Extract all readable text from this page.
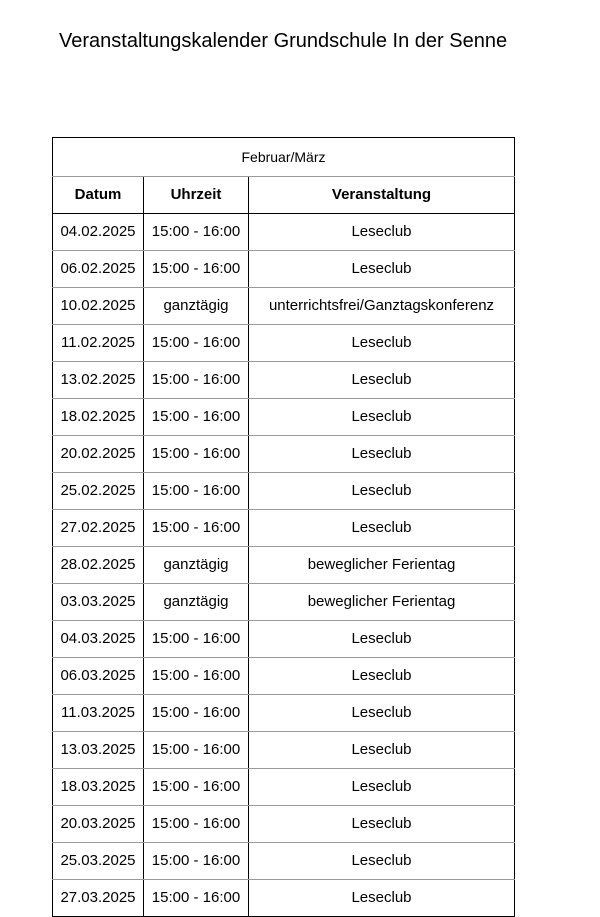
Veranstaltungskalender Grundschule In der Senne
Februar/März		
Datum	Uhrzeit	Veranstaltung
04.02.2025	15:00 - 16:00	Leseclub
06.02.2025	15:00 - 16:00	Leseclub
10.02.2025	ganztägig	unterrichtsfrei/Ganztagskonferenz
11.02.2025	15:00 - 16:00	Leseclub
13.02.2025	15:00 - 16:00	Leseclub
18.02.2025	15:00 - 16:00	Leseclub
20.02.2025	15:00 - 16:00	Leseclub
25.02.2025	15:00 - 16:00	Leseclub
27.02.2025	15:00 - 16:00	Leseclub
28.02.2025	ganztägig	beweglicher Ferientag
03.03.2025	ganztägig	beweglicher Ferientag
04.03.2025	15:00 - 16:00	Leseclub
06.03.2025	15:00 - 16:00	Leseclub
11.03.2025	15:00 - 16:00	Leseclub
13.03.2025	15:00 - 16:00	Leseclub
18.03.2025	15:00 - 16:00	Leseclub
20.03.2025	15:00 - 16:00	Leseclub
25.03.2025	15:00 - 16:00	Leseclub
27.03.2025	15:00 - 16:00	Leseclub
